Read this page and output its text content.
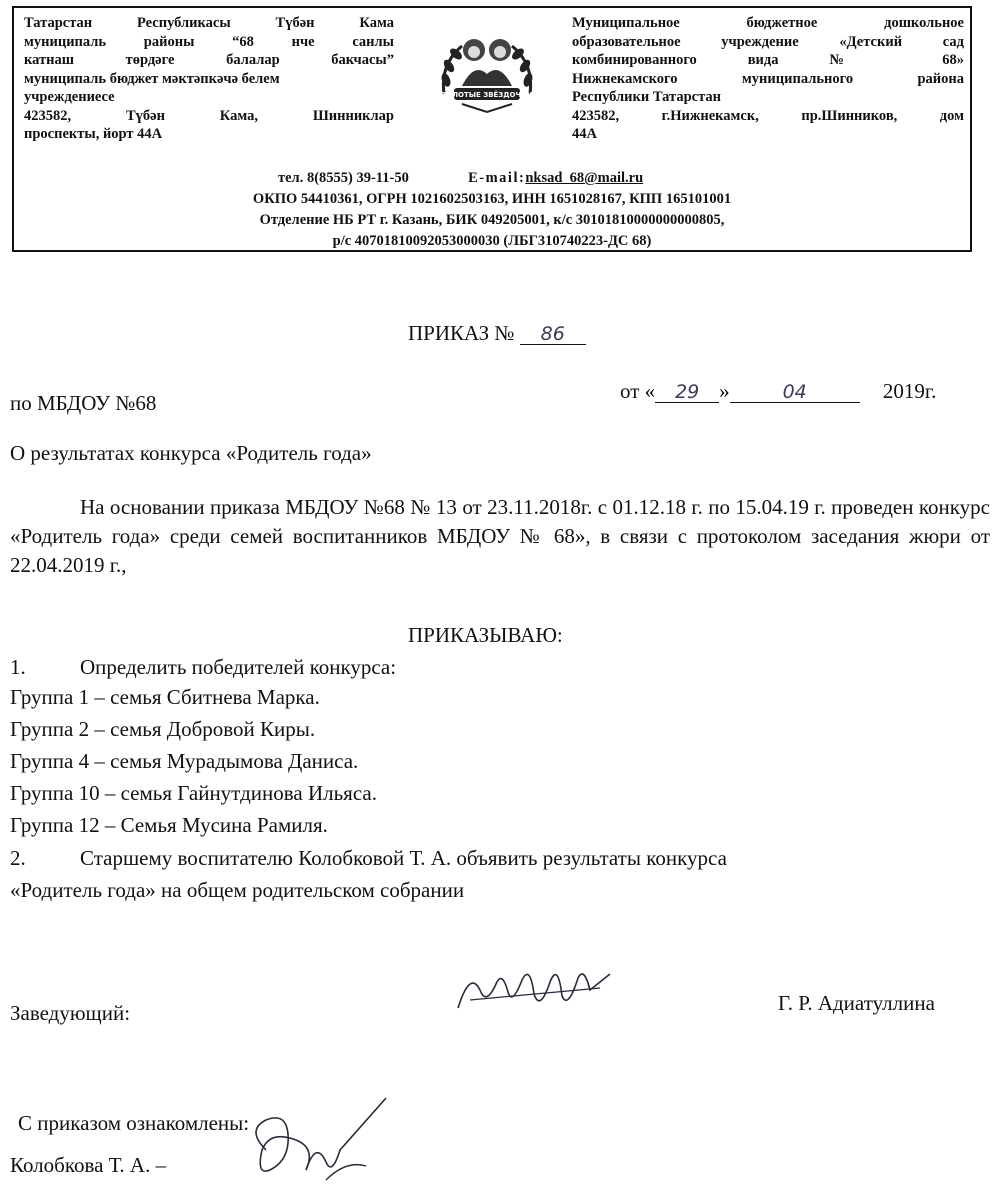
Татарстан Республикасы Түбән Кама
муниципаль районы “68 нче санлы
катнаш төрдәге балалар бакчасы”
муниципаль бюджет мәктәпкәчә белем
учреждениесе
423582, Түбән Кама, Шинниклар
проспекты, йорт 44А
ЗОЛОТЫЕ ЗВЁЗДОЧКИ
Муниципальное бюджетное дошкольное
образовательное учреждение «Детский сад
комбинированного вида № 68»
Нижнекамского муниципального района
Республики Татарстан
423582, г.Нижнекамск, пр.Шинников, дом
44А
тел. 8(8555) 39-11-50	E-mail:nksad_68@mail.ru
ОКПО 54410361, ОГРН 1021602503163, ИНН 1651028167, КПП 165101001
Отделение НБ РТ г. Казань, БИК 049205001, к/с 30101810000000000805,
р/с 40701810092053000030 (ЛБГ310740223-ДС 68)
ПРИКАЗ № 86
по МБДОУ №68	от « 29 »	04	2019г.
О результатах конкурса «Родитель года»
На основании приказа МБДОУ №68 № 13 от 23.11.2018г. с 01.12.18 г. по 15.04.19 г. проведен конкурс «Родитель года» среди семей воспитанников МБДОУ № 68», в связи с протоколом заседания жюри от 22.04.2019 г.,
ПРИКАЗЫВАЮ:
1.	Определить победителей конкурса:
Группа 1 – семья Сбитнева Марка.
Группа 2 – семья Добровой Киры.
Группа 4 – семья Мурадымова Даниса.
Группа 10 – семья Гайнутдинова Ильяса.
Группа 12 – Семья Мусина Рамиля.
2.	Старшему воспитателю Колобковой Т. А. объявить результаты конкурса
«Родитель года» на общем родительском собрании
Заведующий:	Г. Р. Адиатуллина
С приказом ознакомлены:
Колобкова Т. А. –
